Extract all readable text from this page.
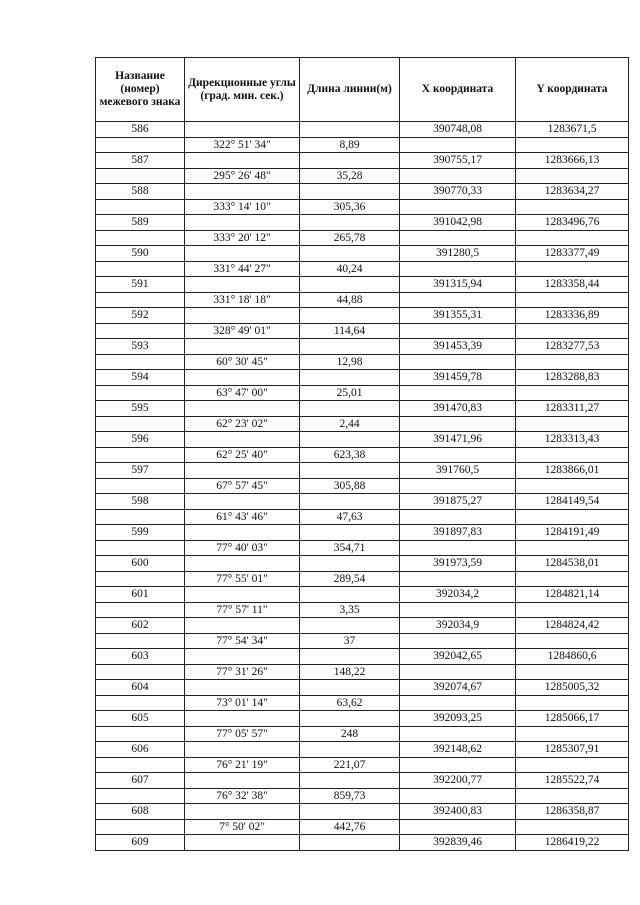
Название (номер) межевого знака	Дирекционные углы (град. мин. сек.)	Длина линии(м)	X координата	Y координата
586			390748,08	1283671,5
	322° 51' 34"	8,89		
587			390755,17	1283666,13
	295° 26' 48"	35,28		
588			390770,33	1283634,27
	333° 14' 10"	305,36		
589			391042,98	1283496,76
	333° 20' 12"	265,78		
590			391280,5	1283377,49
	331° 44' 27"	40,24		
591			391315,94	1283358,44
	331° 18' 18"	44,88		
592			391355,31	1283336,89
	328° 49' 01"	114,64		
593			391453,39	1283277,53
	60° 30' 45"	12,98		
594			391459,78	1283288,83
	63° 47' 00"	25,01		
595			391470,83	1283311,27
	62° 23' 02"	2,44		
596			391471,96	1283313,43
	62° 25' 40"	623,38		
597			391760,5	1283866,01
	67° 57' 45"	305,88		
598			391875,27	1284149,54
	61° 43' 46"	47,63		
599			391897,83	1284191,49
	77° 40' 03"	354,71		
600			391973,59	1284538,01
	77° 55' 01"	289,54		
601			392034,2	1284821,14
	77° 57' 11"	3,35		
602			392034,9	1284824,42
	77° 54' 34"	37		
603			392042,65	1284860,6
	77° 31' 26"	148,22		
604			392074,67	1285005,32
	73° 01' 14"	63,62		
605			392093,25	1285066,17
	77° 05' 57"	248		
606			392148,62	1285307,91
	76° 21' 19"	221,07		
607			392200,77	1285522,74
	76° 32' 38"	859,73		
608			392400,83	1286358,87
	7° 50' 02"	442,76		
609			392839,46	1286419,22
